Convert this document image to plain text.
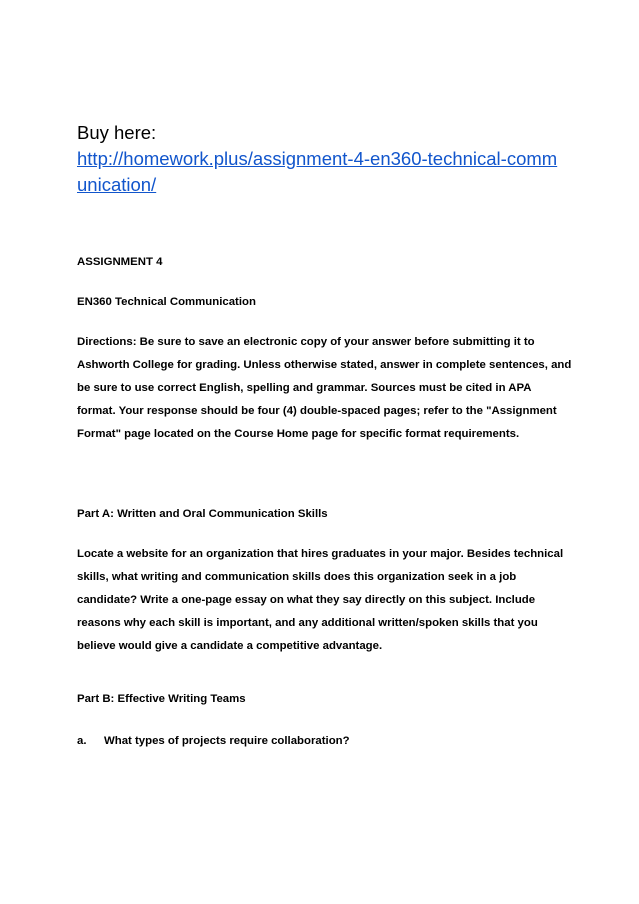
Buy here:

http://homework.plus/assignment-4-en360-technical-communication/

ASSIGNMENT 4

EN360 Technical Communication

Directions: Be sure to save an electronic copy of your answer before submitting it to Ashworth College for grading. Unless otherwise stated, answer in complete sentences, and be sure to use correct English, spelling and grammar. Sources must be cited in APA format. Your response should be four (4) double-spaced pages; refer to the "Assignment Format" page located on the Course Home page for specific format requirements.

Part A: Written and Oral Communication Skills

Locate a website for an organization that hires graduates in your major. Besides technical skills, what writing and communication skills does this organization seek in a job candidate? Write a one-page essay on what they say directly on this subject. Include reasons why each skill is important, and any additional written/spoken skills that you believe would give a candidate a competitive advantage.

Part B: Effective Writing Teams

a.	What types of projects require collaboration?
